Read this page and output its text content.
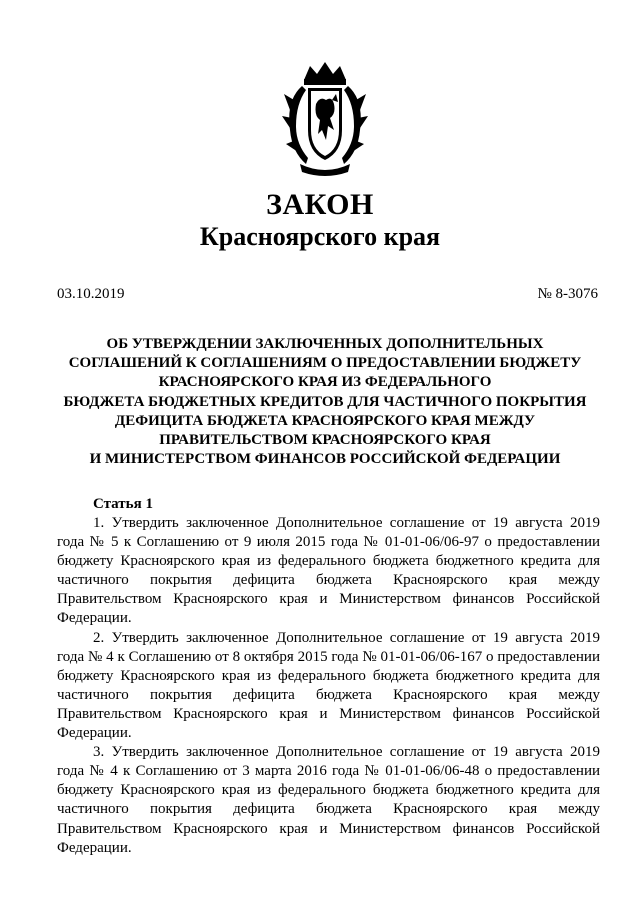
ЗАКОН
Красноярского края
03.10.2019	№ 8-3076
ОБ УТВЕРЖДЕНИИ ЗАКЛЮЧЕННЫХ ДОПОЛНИТЕЛЬНЫХ
СОГЛАШЕНИЙ К СОГЛАШЕНИЯМ О ПРЕДОСТАВЛЕНИИ БЮДЖЕТУ
КРАСНОЯРСКОГО КРАЯ ИЗ ФЕДЕРАЛЬНОГО
БЮДЖЕТА БЮДЖЕТНЫХ КРЕДИТОВ ДЛЯ ЧАСТИЧНОГО ПОКРЫТИЯ
ДЕФИЦИТА БЮДЖЕТА КРАСНОЯРСКОГО КРАЯ МЕЖДУ
ПРАВИТЕЛЬСТВОМ КРАСНОЯРСКОГО КРАЯ
И МИНИСТЕРСТВОМ ФИНАНСОВ РОССИЙСКОЙ ФЕДЕРАЦИИ
Статья 1

1. Утвердить заключенное Дополнительное соглашение от 19 августа 2019 года № 5 к Соглашению от 9 июля 2015 года № 01-01-06/06-97 о предоставлении бюджету Красноярского края из федерального бюджета бюджетного кредита для частичного покрытия дефицита бюджета Красноярского края между Правительством Красноярского края и Министерством финансов Российской Федерации.

2. Утвердить заключенное Дополнительное соглашение от 19 августа 2019 года № 4 к Соглашению от 8 октября 2015 года № 01-01-06/06-167 о предоставлении бюджету Красноярского края из федерального бюджета бюджетного кредита для частичного покрытия дефицита бюджета Красноярского края между Правительством Красноярского края и Министерством финансов Российской Федерации.

3. Утвердить заключенное Дополнительное соглашение от 19 августа 2019 года № 4 к Соглашению от 3 марта 2016 года № 01-01-06/06-48 о предоставлении бюджету Красноярского края из федерального бюджета бюджетного кредита для частичного покрытия дефицита бюджета Красноярского края между Правительством Красноярского края и Министерством финансов Российской Федерации.
